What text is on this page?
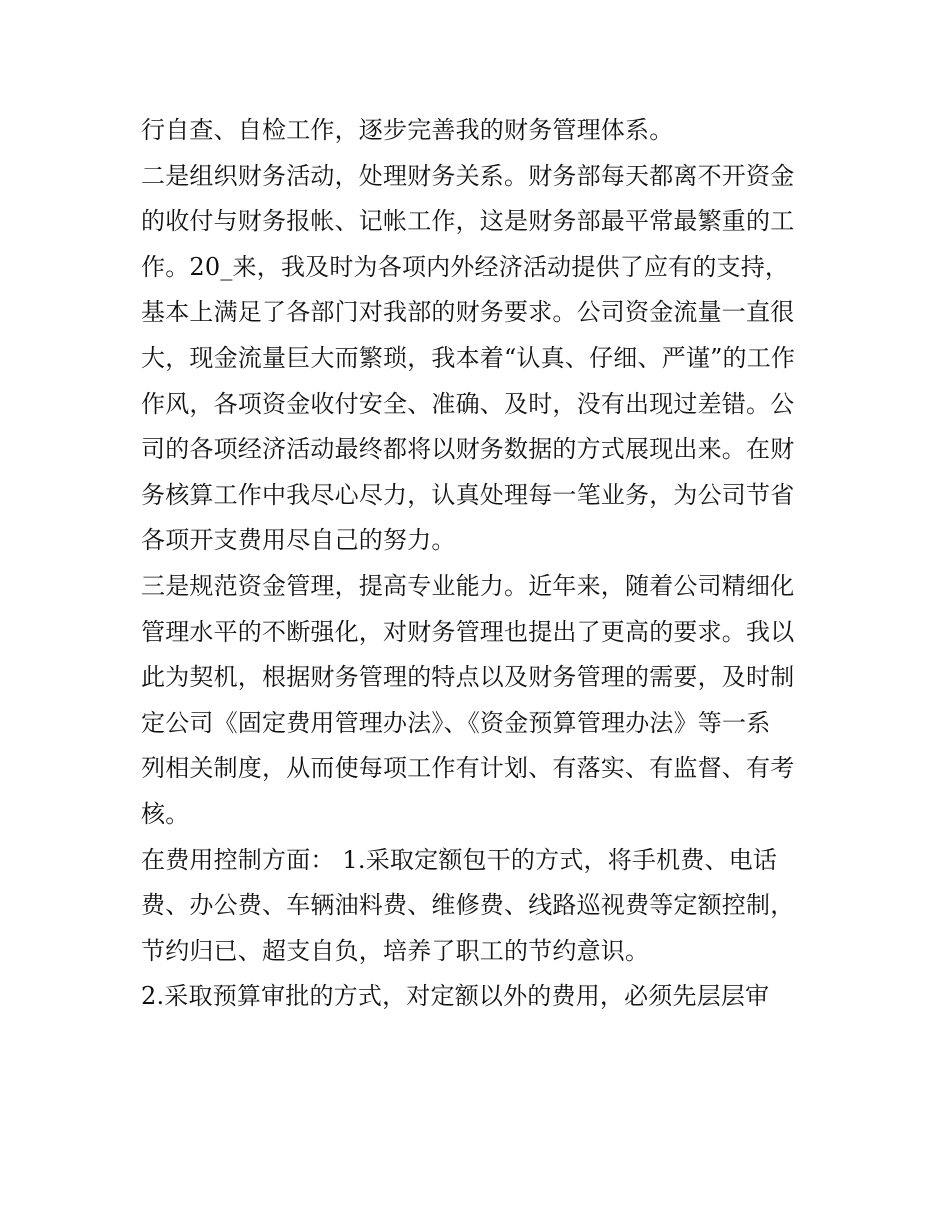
行自查、自检工作，逐步完善我的财务管理体系。
二是组织财务活动，处理财务关系。财务部每天都离不开资金
的收付与财务报帐、记帐工作，这是财务部最平常最繁重的工
作。20_来，我及时为各项内外经济活动提供了应有的支持，
基本上满足了各部门对我部的财务要求。公司资金流量一直很
大，现金流量巨大而繁琐，我本着“认真、仔细、严谨”的工作
作风，各项资金收付安全、准确、及时，没有出现过差错。公
司的各项经济活动最终都将以财务数据的方式展现出来。在财
务核算工作中我尽心尽力，认真处理每一笔业务，为公司节省
各项开支费用尽自己的努力。
三是规范资金管理，提高专业能力。近年来，随着公司精细化
管理水平的不断强化，对财务管理也提出了更高的要求。我以
此为契机，根据财务管理的特点以及财务管理的需要，及时制
定公司《固定费用管理办法》、《资金预算管理办法》等一系
列相关制度，从而使每项工作有计划、有落实、有监督、有考
核。
在费用控制方面： 1.采取定额包干的方式，将手机费、电话
费、办公费、车辆油料费、维修费、线路巡视费等定额控制，
节约归已、超支自负，培养了职工的节约意识。
2.采取预算审批的方式，对定额以外的费用，必须先层层审
